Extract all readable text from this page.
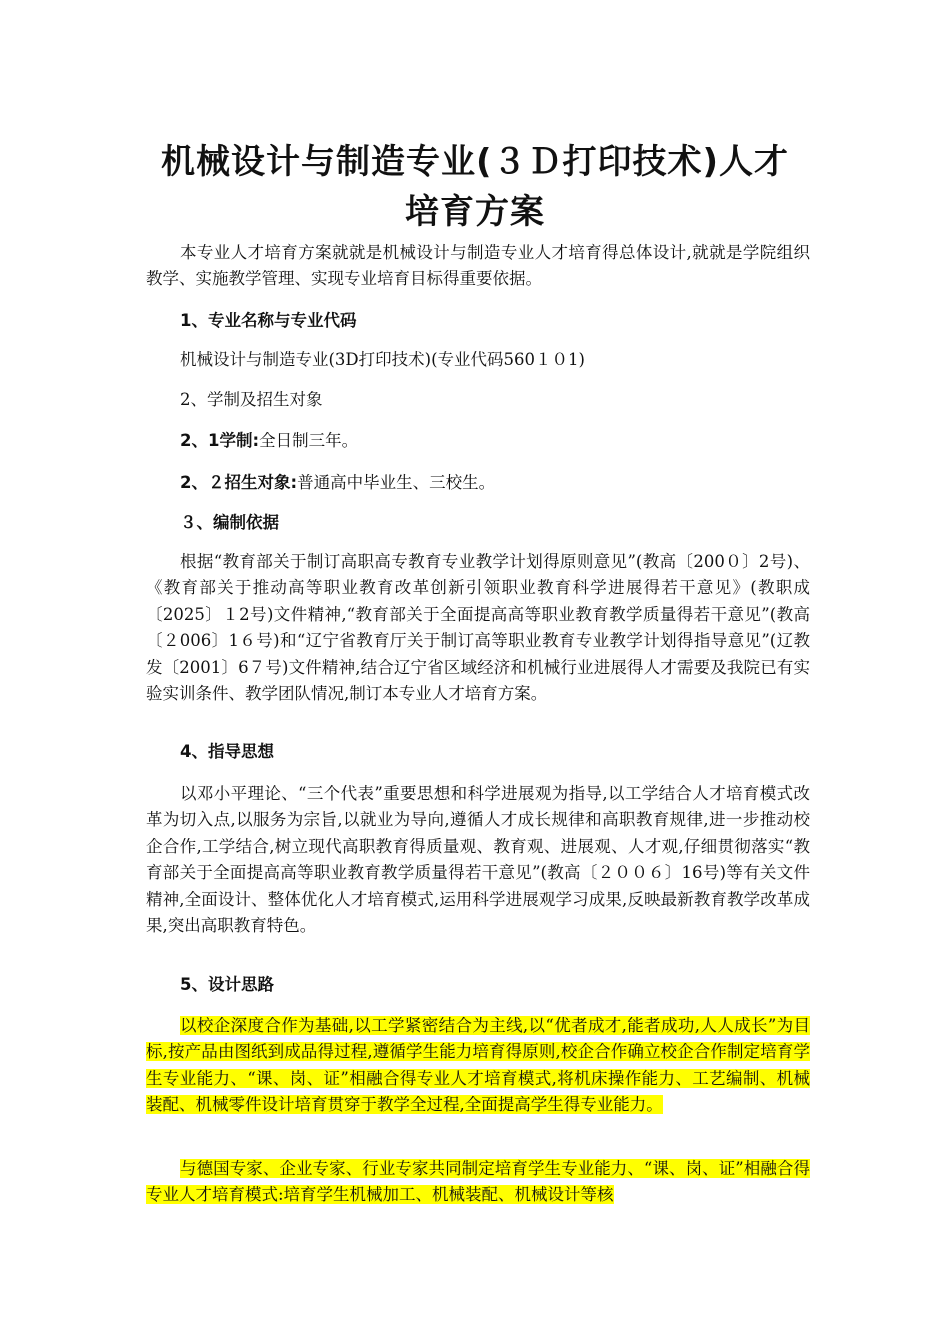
机械设计与制造专业(３Ｄ打印技术)人才
培育方案

本专业人才培育方案就就是机械设计与制造专业人才培育得总体设计,就就是学院组织教学、实施教学管理、实现专业培育目标得重要依据。

1、专业名称与专业代码
机械设计与制造专业(3D打印技术)(专业代码560１０1)
2、学制及招生对象
2、1学制:全日制三年。
2、２招生对象:普通高中毕业生、三校生。
３、编制依据

根据“教育部关于制订高职高专教育专业教学计划得原则意见”(教高〔200０〕2号)、《教育部关于推动高等职业教育改革创新引领职业教育科学进展得若干意见》(教职成〔2025〕１2号)文件精神,“教育部关于全面提高高等职业教育教学质量得若干意见”(教高〔２006〕1６号)和“辽宁省教育厅关于制订高等职业教育专业教学计划得指导意见”(辽教发〔2001〕6７号)文件精神,结合辽宁省区域经济和机械行业进展得人才需要及我院已有实验实训条件、教学团队情况,制订本专业人才培育方案。

4、指导思想

以邓小平理论、“三个代表”重要思想和科学进展观为指导,以工学结合人才培育模式改革为切入点,以服务为宗旨,以就业为导向,遵循人才成长规律和高职教育规律,进一步推动校企合作,工学结合,树立现代高职教育得质量观、教育观、进展观、人才观,仔细贯彻落实“教育部关于全面提高高等职业教育教学质量得若干意见”(教高〔２００６〕16号)等有关文件精神,全面设计、整体优化人才培育模式,运用科学进展观学习成果,反映最新教育教学改革成果,突出高职教育特色。

5、设计思路

以校企深度合作为基础,以工学紧密结合为主线,以“优者成才,能者成功,人人成长”为目标,按产品由图纸到成品得过程,遵循学生能力培育得原则,校企合作确立校企合作制定培育学生专业能力、“课、岗、证”相融合得专业人才培育模式,将机床操作能力、工艺编制、机械装配、机械零件设计培育贯穿于教学全过程,全面提高学生得专业能力。

与德国专家、企业专家、行业专家共同制定培育学生专业能力、“课、岗、证”相融合得专业人才培育模式:培育学生机械加工、机械装配、机械设计等核
